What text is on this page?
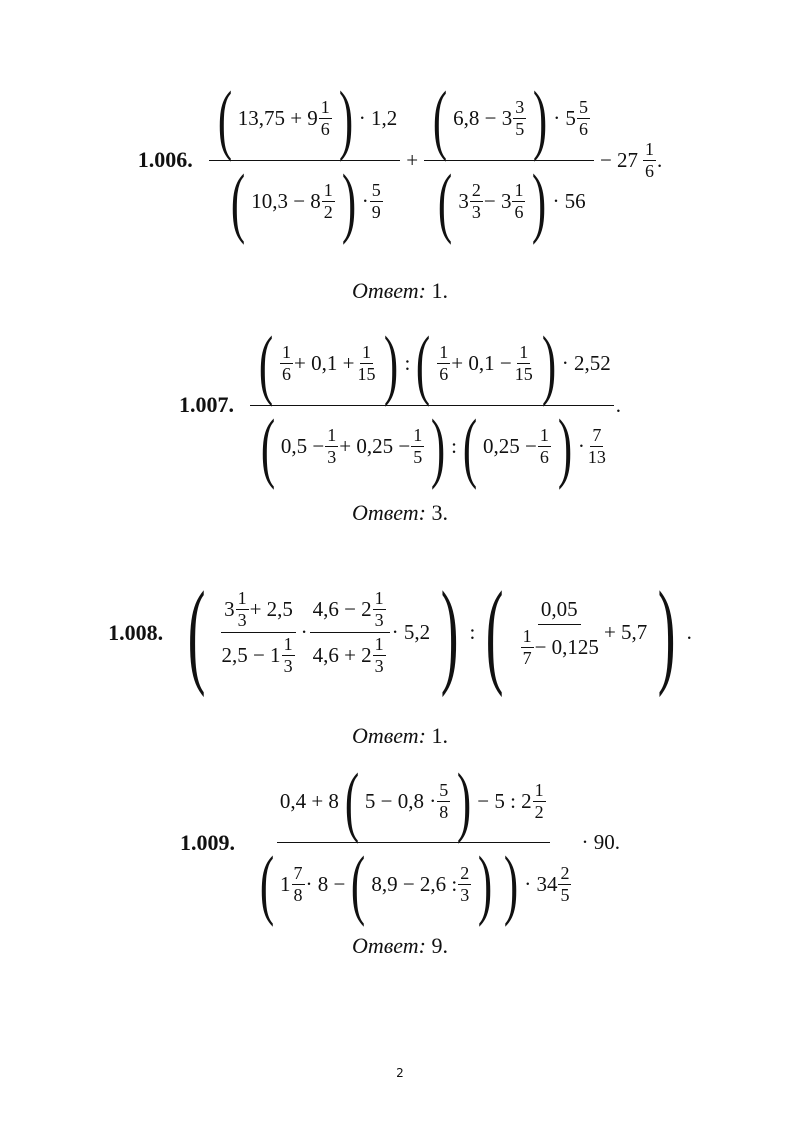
1.006. ( $13,75 + 9 \frac{1}{6}$ ) · 1,2
( $10,3 - 8 \frac{1}{2}$ ) · $\frac{5}{9}$
+ ( $6,8 - 3 \frac{3}{5}$ ) · $5 \frac{5}{6}$
( $3 \frac{2}{3} - 3 \frac{1}{6}$ ) · 56
− $27 \frac{1}{6}$ .
Ответ: 1.
1.007. ( $\frac{1}{6} + 0,1 + \frac{1}{15}$ ) : ( $\frac{1}{6} + 0,1 - \frac{1}{15}$ ) · 2,52
( $0,5 - \frac{1}{3} + 0,25 - \frac{1}{5}$ ) : ( $0,25 - \frac{1}{6}$ ) · $\frac{7}{13}$
.
Ответ: 3.
1.008. ( $\frac{3 \frac{1}{3} + 2,5}{2,5 - 1 \frac{1}{3}} \cdot \frac{4,6 - 2 \frac{1}{3}}{4,6 + 2 \frac{1}{3}} \cdot 5,2$ ) : ( $\frac{0,05}{\frac{1}{7} - 0,125} + 5,7$ ) .
Ответ: 1.
1.009.
0,4 + 8 ( $5 - 0,8 \cdot \frac{5}{8}$ ) − 5 : $2 \frac{1}{2}$
( $1 \frac{7}{8} \cdot 8$ − ( 8,9 − 2,6 : $\frac{2}{3}$ ) ) · $34 \frac{2}{5}$
· 90.
Ответ: 9.
2
